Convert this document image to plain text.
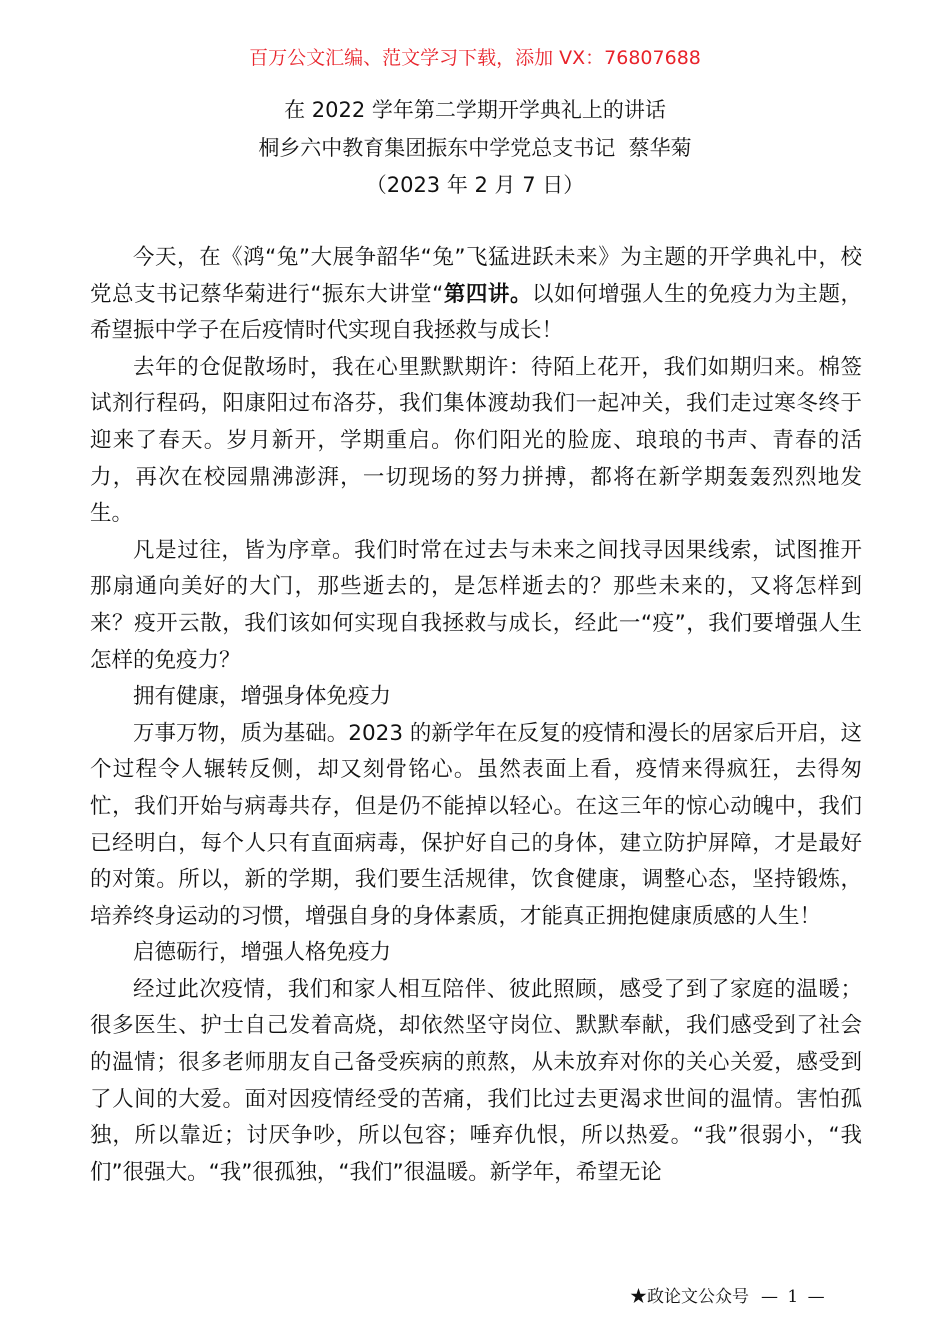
百万公文汇编、范文学习下载，添加 VX：76807688
在 2022 学年第二学期开学典礼上的讲话
桐乡六中教育集团振东中学党总支书记  蔡华菊
（2023 年 2 月 7 日）

今天，在《鸿“兔”大展争韶华“兔”飞猛进跃未来》为主题的开学典礼中，校党总支书记蔡华菊进行“振东大讲堂“第四讲。以如何增强人生的免疫力为主题，希望振中学子在后疫情时代实现自我拯救与成长！

去年的仓促散场时，我在心里默默期许：待陌上花开，我们如期归来。棉签试剂行程码，阳康阳过布洛芬，我们集体渡劫我们一起冲关，我们走过寒冬终于迎来了春天。岁月新开，学期重启。你们阳光的脸庞、琅琅的书声、青春的活力，再次在校园鼎沸澎湃，一切现场的努力拼搏，都将在新学期轰轰烈烈地发生。

凡是过往，皆为序章。我们时常在过去与未来之间找寻因果线索，试图推开那扇通向美好的大门，那些逝去的，是怎样逝去的？那些未来的，又将怎样到来？疫开云散，我们该如何实现自我拯救与成长，经此一“疫”，我们要增强人生怎样的免疫力？

拥有健康，增强身体免疫力

万事万物，质为基础。2023 的新学年在反复的疫情和漫长的居家后开启，这个过程令人辗转反侧，却又刻骨铭心。虽然表面上看，疫情来得疯狂，去得匆忙，我们开始与病毒共存，但是仍不能掉以轻心。在这三年的惊心动魄中，我们已经明白，每个人只有直面病毒，保护好自己的身体，建立防护屏障，才是最好的对策。所以，新的学期，我们要生活规律，饮食健康，调整心态，坚持锻炼，培养终身运动的习惯，增强自身的身体素质，才能真正拥抱健康质感的人生！

启德砺行，增强人格免疫力

经过此次疫情，我们和家人相互陪伴、彼此照顾，感受了到了家庭的温暖；很多医生、护士自己发着高烧，却依然坚守岗位、默默奉献，我们感受到了社会的温情；很多老师朋友自己备受疾病的煎熬，从未放弃对你的关心关爱，感受到了人间的大爱。面对因疫情经受的苦痛，我们比过去更渴求世间的温情。害怕孤独，所以靠近；讨厌争吵，所以包容；唾弃仇恨，所以热爱。“我”很弱小，“我们”很强大。“我”很孤独，“我们”很温暖。新学年，希望无论

★政论文公众号 — 1 —
